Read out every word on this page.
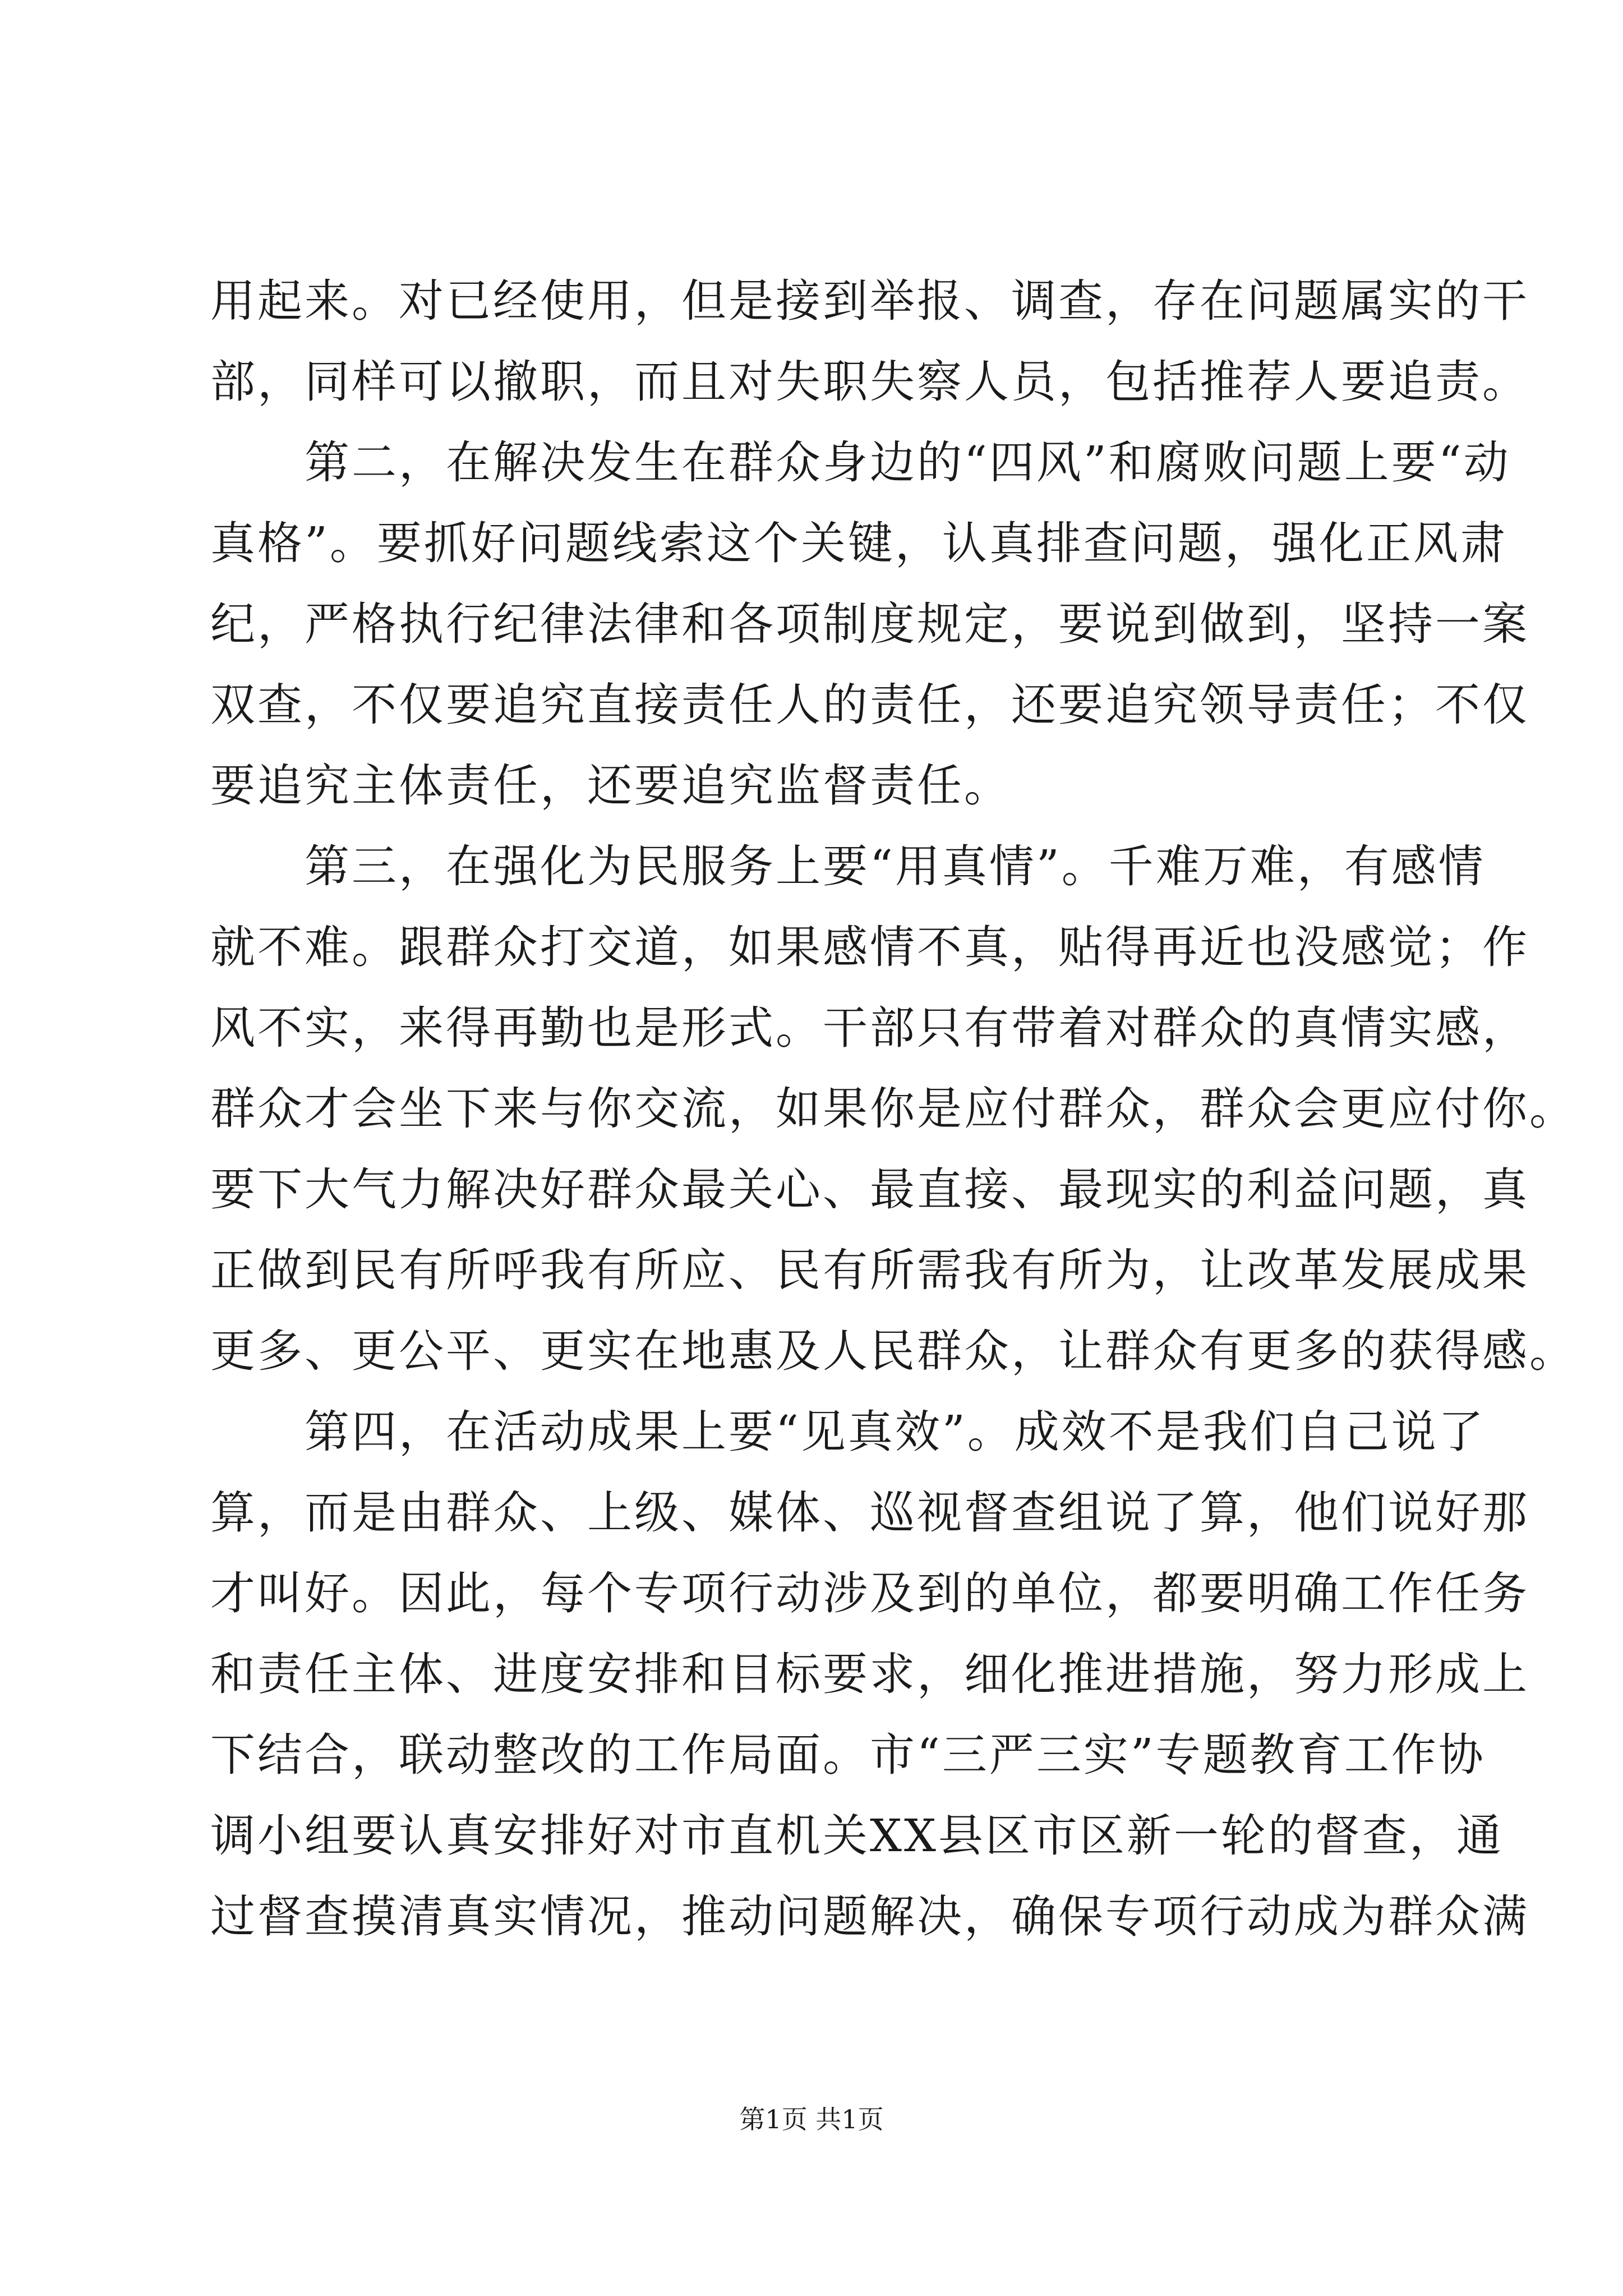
用起来。对已经使用，但是接到举报、调查，存在问题属实的干
部，同样可以撤职，而且对失职失察人员，包括推荐人要追责。
　　第二，在解决发生在群众身边的“四风”和腐败问题上要“动
真格”。要抓好问题线索这个关键，认真排查问题，强化正风肃
纪，严格执行纪律法律和各项制度规定，要说到做到，坚持一案
双查，不仅要追究直接责任人的责任，还要追究领导责任；不仅
要追究主体责任，还要追究监督责任。
　　第三，在强化为民服务上要“用真情”。千难万难，有感情
就不难。跟群众打交道，如果感情不真，贴得再近也没感觉；作
风不实，来得再勤也是形式。干部只有带着对群众的真情实感，
群众才会坐下来与你交流，如果你是应付群众，群众会更应付你。
要下大气力解决好群众最关心、最直接、最现实的利益问题，真
正做到民有所呼我有所应、民有所需我有所为，让改革发展成果
更多、更公平、更实在地惠及人民群众，让群众有更多的获得感。
　　第四，在活动成果上要“见真效”。成效不是我们自己说了
算，而是由群众、上级、媒体、巡视督查组说了算，他们说好那
才叫好。因此，每个专项行动涉及到的单位，都要明确工作任务
和责任主体、进度安排和目标要求，细化推进措施，努力形成上
下结合，联动整改的工作局面。市“三严三实”专题教育工作协
调小组要认真安排好对市直机关XX县区市区新一轮的督查，通
过督查摸清真实情况，推动问题解决，确保专项行动成为群众满
第1页 共1页
